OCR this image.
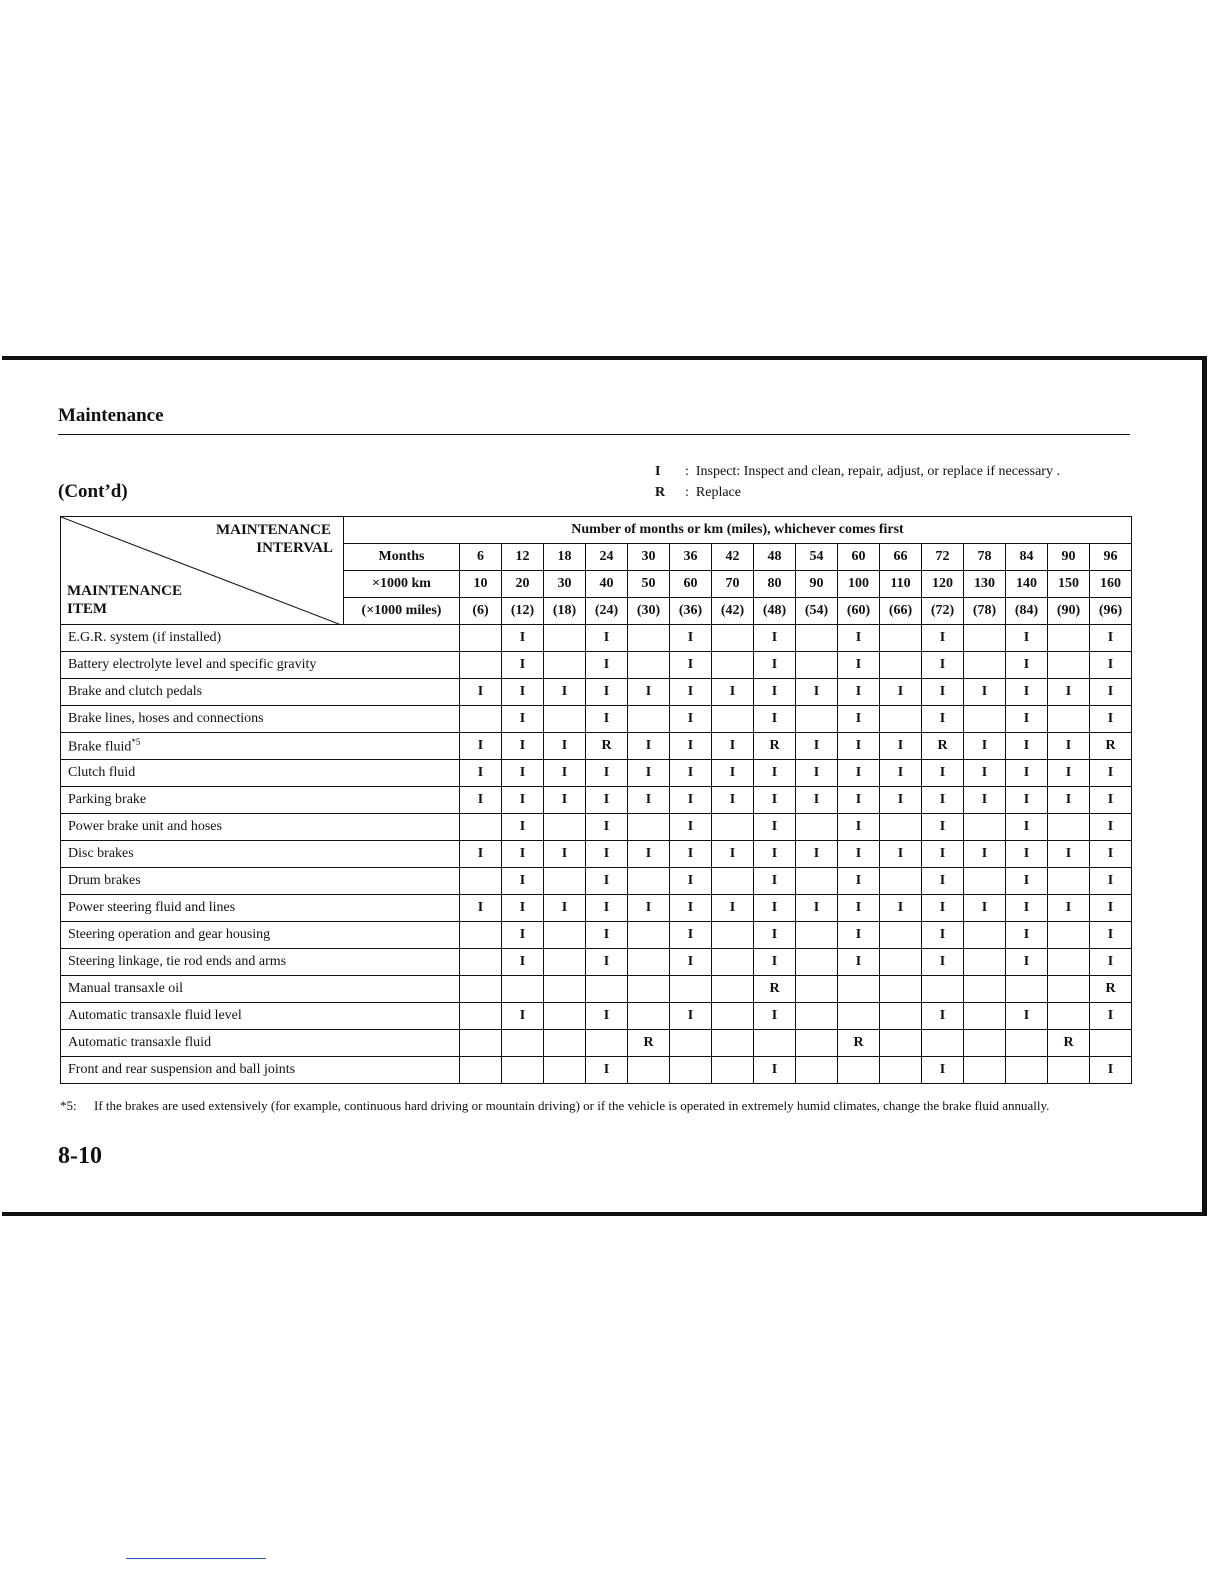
Maintenance
(Cont’d)
I : Inspect: Inspect and clean, repair, adjust, or replace if necessary .
R : Replace
MAINTENANCE
INTERVAL
MAINTENANCE
ITEM	Number of months or km (miles), whichever comes first																
	Months	6	12	18	24	30	36	42	48	54	60	66	72	78	84	90	96
	×1000 km	10	20	30	40	50	60	70	80	90	100	110	120	130	140	150	160
	(×1000 miles)	(6)	(12)	(18)	(24)	(30)	(36)	(42)	(48)	(54)	(60)	(66)	(72)	(78)	(84)	(90)	(96)
E.G.R. system (if installed)			I		I		I		I		I		I		I		I
Battery electrolyte level and specific gravity			I		I		I		I		I		I		I		I
Brake and clutch pedals		I	I	I	I	I	I	I	I	I	I	I	I	I	I	I	I
Brake lines, hoses and connections			I		I		I		I		I		I		I		I
Brake fluid$^{*5}$		I	I	I	R	I	I	I	R	I	I	I	R	I	I	I	R
Clutch fluid		I	I	I	I	I	I	I	I	I	I	I	I	I	I	I	I
Parking brake		I	I	I	I	I	I	I	I	I	I	I	I	I	I	I	I
Power brake unit and hoses			I		I		I		I		I		I		I		I
Disc brakes		I	I	I	I	I	I	I	I	I	I	I	I	I	I	I	I
Drum brakes			I		I		I		I		I		I		I		I
Power steering fluid and lines		I	I	I	I	I	I	I	I	I	I	I	I	I	I	I	I
Steering operation and gear housing			I		I		I		I		I		I		I		I
Steering linkage, tie rod ends and arms			I		I		I		I		I		I		I		I
Manual transaxle oil									R								R
Automatic transaxle fluid level			I		I		I		I				I		I		I
Automatic transaxle fluid						R					R					R	
Front and rear suspension and ball joints					I				I				I				I
*5:	If the brakes are used extensively (for example, continuous hard driving or mountain driving) or if the vehicle is operated in extremely humid climates, change the brake fluid annually.
8-10
